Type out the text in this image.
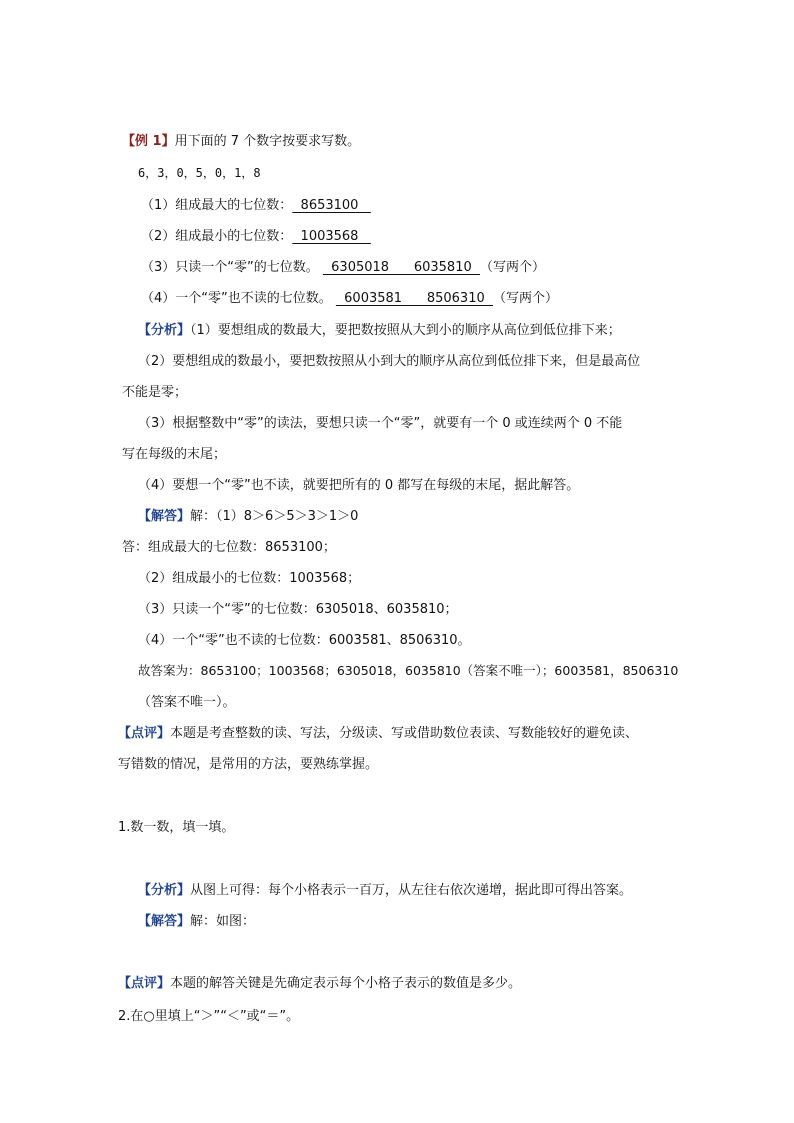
【例 1】用下面的 7 个数字按要求写数。
6，3，0，5，0，1，8
（1）组成最大的七位数：  8653100
（2）组成最小的七位数：  1003568
（3）只读一个“零”的七位数。   6305018      6035810  （写两个）
（4）一个“零”也不读的七位数。   6003581      8506310  （写两个）
【分析】（1）要想组成的数最大，要把数按照从大到小的顺序从高位到低位排下来；
（2）要想组成的数最小，要把数按照从小到大的顺序从高位到低位排下来，但是最高位
不能是零；
（3）根据整数中“零”的读法，要想只读一个“零”，就要有一个 0 或连续两个 0 不能
写在每级的末尾；
（4）要想一个“零”也不读，就要把所有的 0 都写在每级的末尾，据此解答。
【解答】解：（1）8＞6＞5＞3＞1＞0
答：组成最大的七位数：8653100；
（2）组成最小的七位数：1003568；
（3）只读一个“零”的七位数：6305018、6035810；
（4）一个“零”也不读的七位数：6003581、8506310。
故答案为：8653100；1003568；6305018，6035810（答案不唯一）；6003581，8506310
（答案不唯一）。
【点评】本题是考查整数的读、写法，分级读、写或借助数位表读、写数能较好的避免读、
写错数的情况，是常用的方法，要熟练掌握。
1.数一数，填一填。
【分析】从图上可得：每个小格表示一百万，从左往右依次递增，据此即可得出答案。
【解答】解：如图：
【点评】本题的解答关键是先确定表示每个小格子表示的数值是多少。
2.在○里填上“＞”“＜”或“＝”。
